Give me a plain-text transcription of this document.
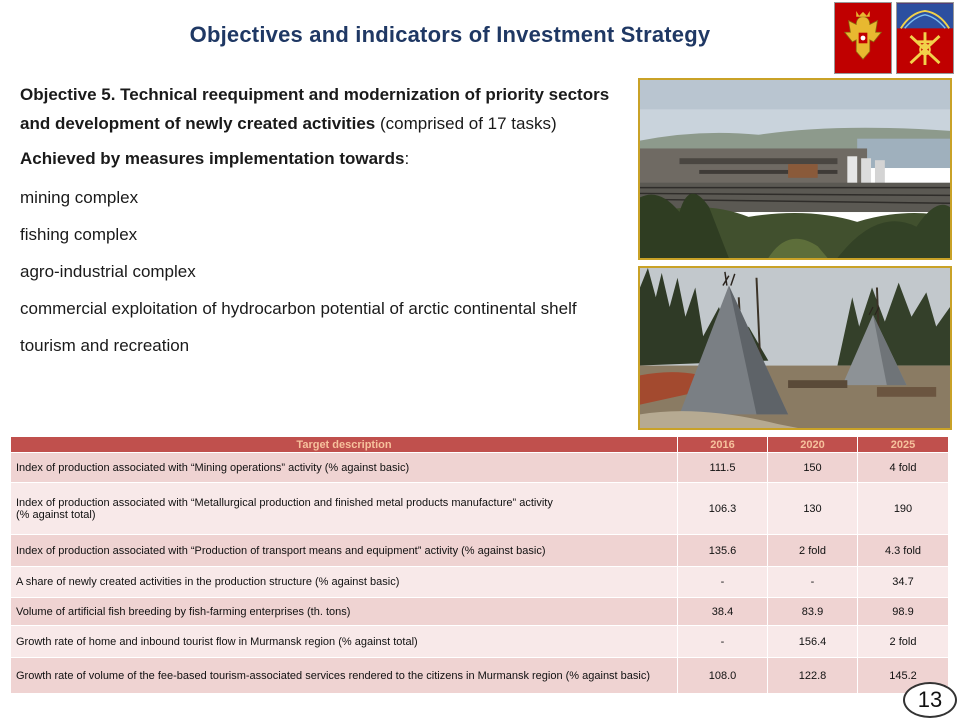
Objectives and indicators of Investment Strategy
Objective 5. Technical reequipment and modernization of priority sectors and development of newly created activities (comprised of 17 tasks)
Achieved by measures implementation towards:
mining complex
fishing complex
agro-industrial complex
commercial exploitation of hydrocarbon potential of arctic continental shelf
tourism and recreation
Target description	2016	2020	2025

Index of production associated with “Mining operations” activity (% against basic)	111.5	150	4 fold

Index of production associated with “Metallurgical production and finished metal products manufacture” activity
(% against total)	106.3	130	190

Index of production associated with “Production of transport means and equipment” activity (% against basic)	135.6	2 fold	4.3 fold

A share of newly created activities in the production structure (% against basic)	-	-	34.7

Volume of artificial fish breeding by fish-farming enterprises (th. tons)	38.4	83.9	98.9

Growth rate of home and inbound tourist flow in Murmansk region (% against total)	-	156.4	2 fold

Growth rate of volume of the fee-based tourism-associated services rendered to the citizens in Murmansk region (% against basic)	108.0	122.8	145.2
13
